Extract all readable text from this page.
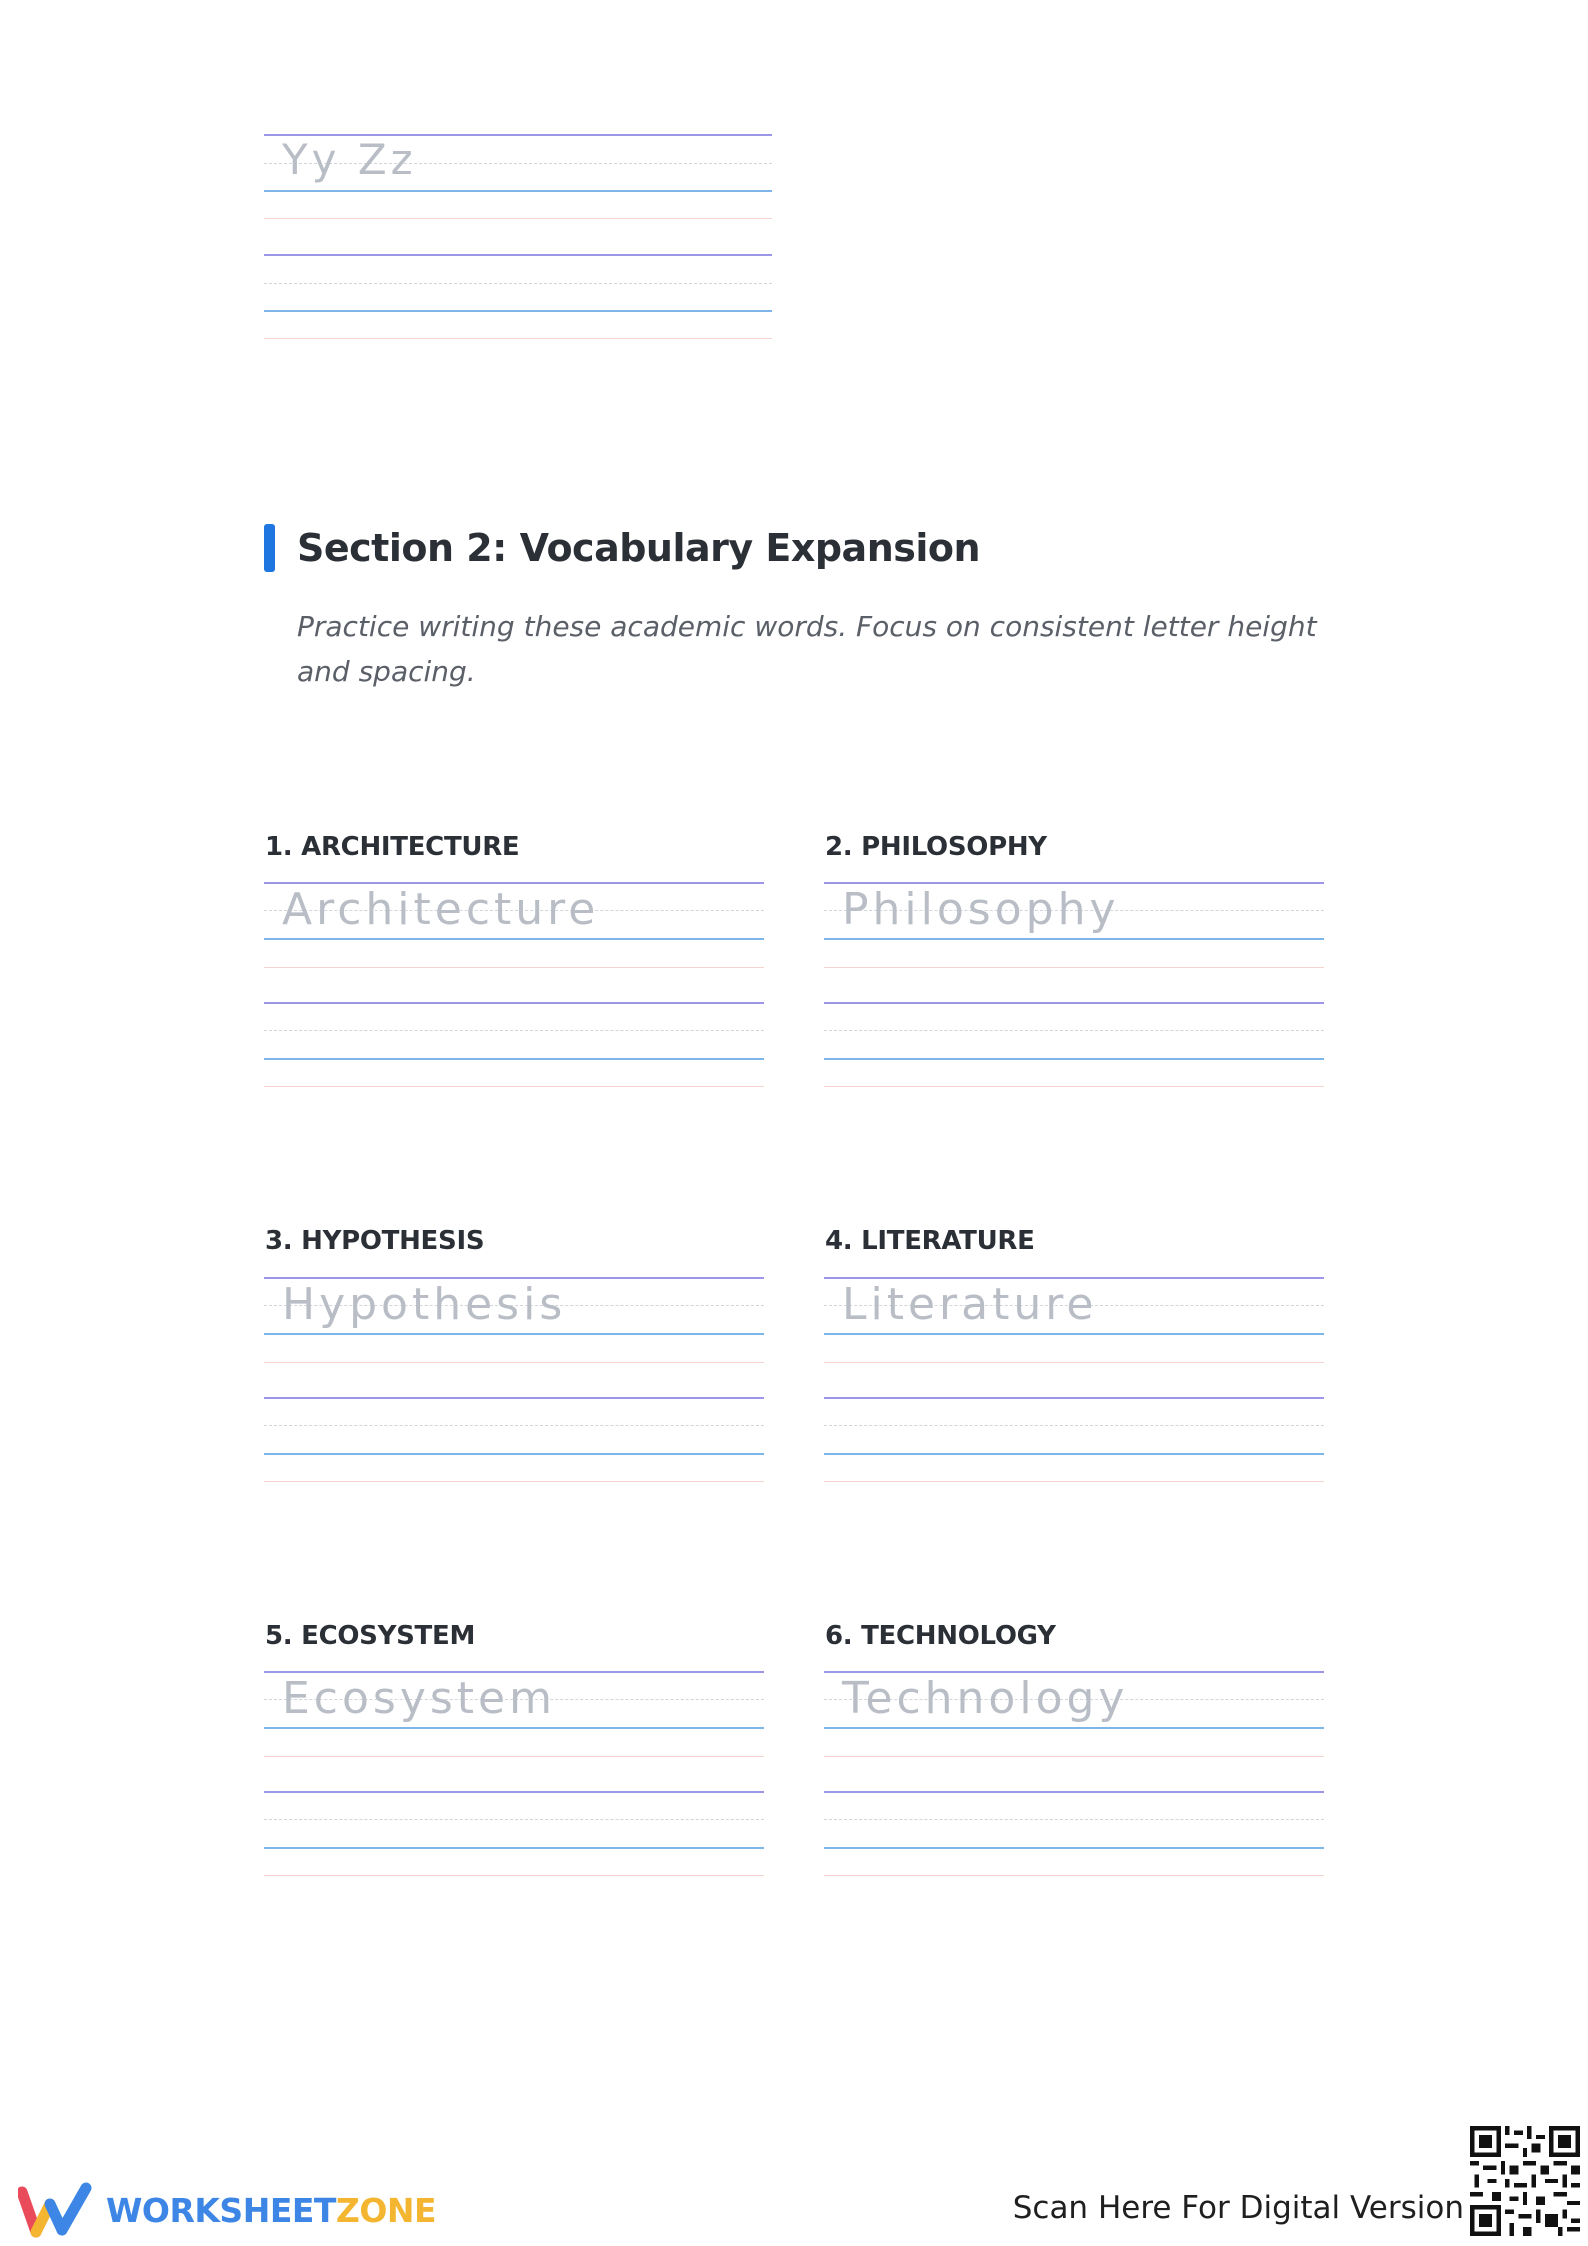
Yy Zz
Section 2: Vocabulary Expansion
Practice writing these academic words. Focus on consistent letter height and spacing.
1. ARCHITECTURE
Architecture
2. PHILOSOPHY
Philosophy
3. HYPOTHESIS
Hypothesis
4. LITERATURE
Literature
5. ECOSYSTEM
Ecosystem
6. TECHNOLOGY
Technology
WORKSHEETZONE	Scan Here For Digital Version
